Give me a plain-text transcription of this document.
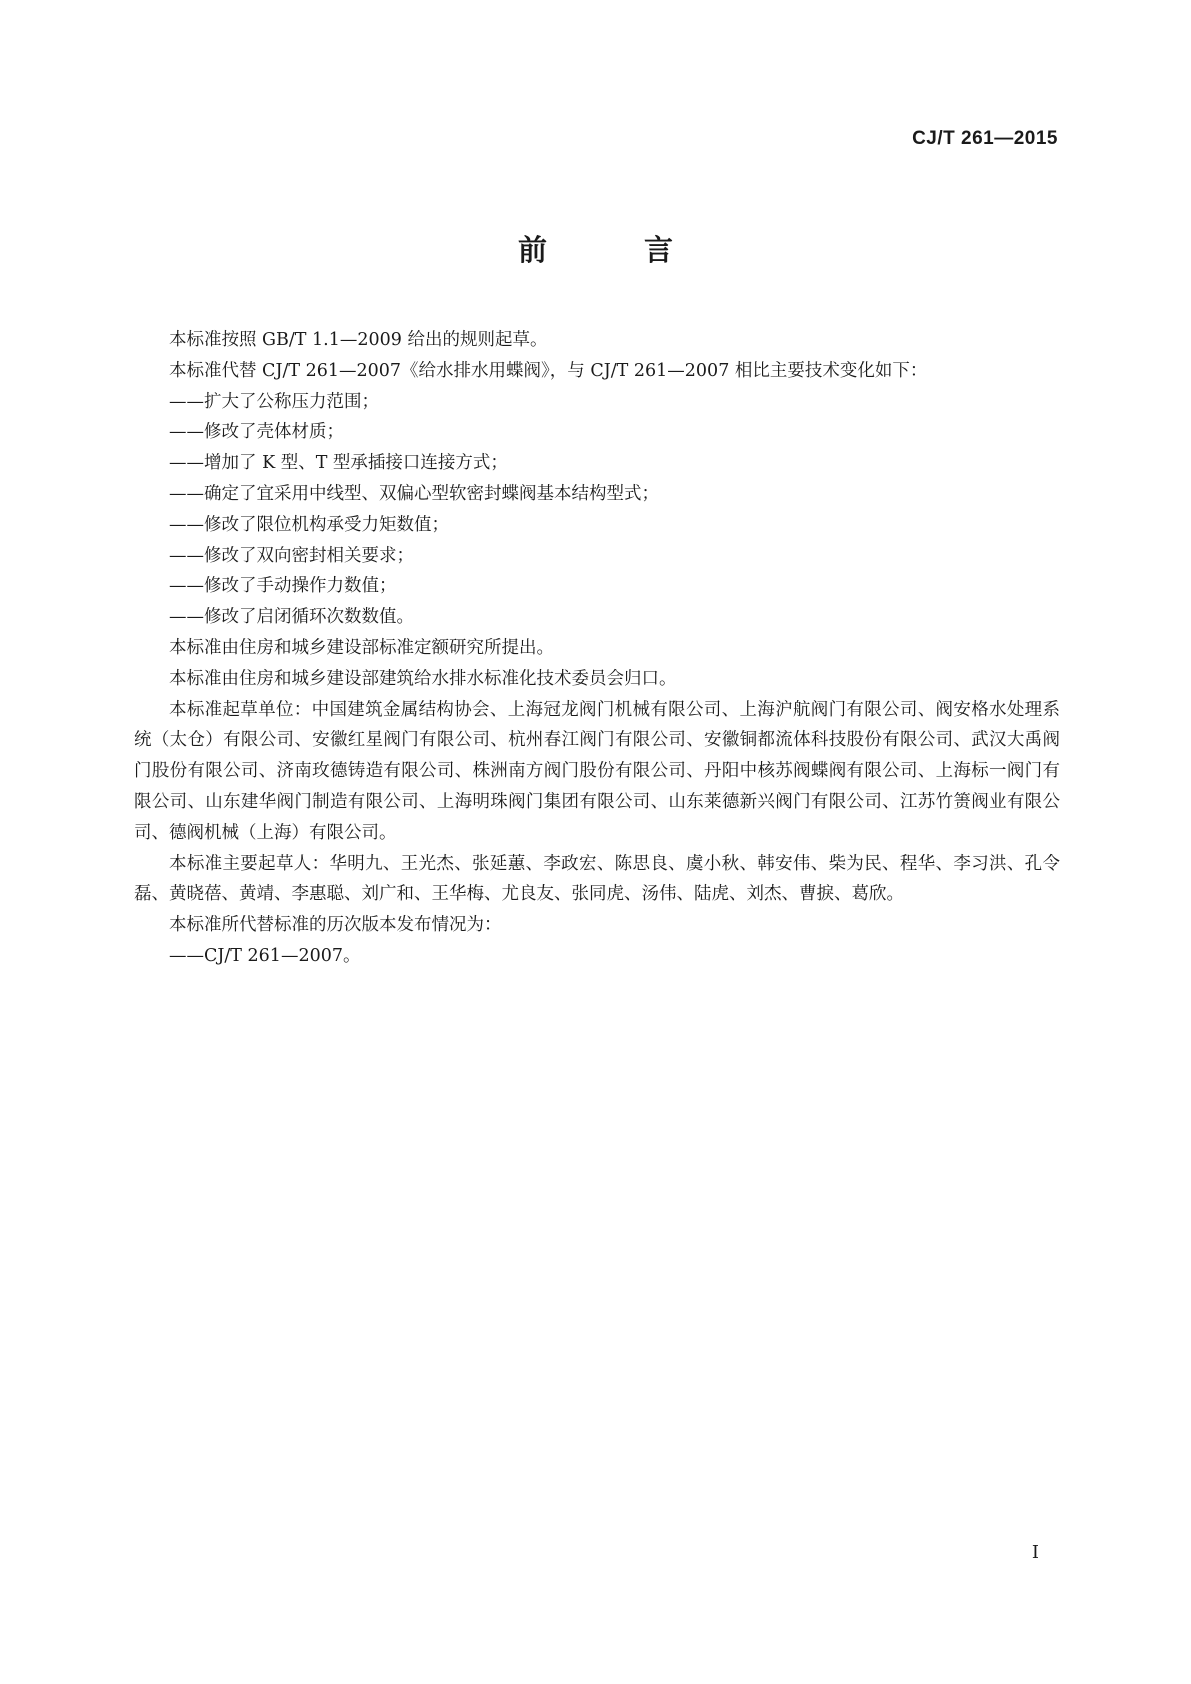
CJ/T 261—2015
前　言

本标准按照 GB/T 1.1—2009 给出的规则起草。

本标准代替 CJ/T 261—2007《给水排水用蝶阀》，与 CJ/T 261—2007 相比主要技术变化如下：

——扩大了公称压力范围；

——修改了壳体材质；

——增加了 K 型、T 型承插接口连接方式；

——确定了宜采用中线型、双偏心型软密封蝶阀基本结构型式；

——修改了限位机构承受力矩数值；

——修改了双向密封相关要求；

——修改了手动操作力数值；

——修改了启闭循环次数数值。

本标准由住房和城乡建设部标准定额研究所提出。

本标准由住房和城乡建设部建筑给水排水标准化技术委员会归口。

本标准起草单位：中国建筑金属结构协会、上海冠龙阀门机械有限公司、上海沪航阀门有限公司、阀安格水处理系统（太仓）有限公司、安徽红星阀门有限公司、杭州春江阀门有限公司、安徽铜都流体科技股份有限公司、武汉大禹阀门股份有限公司、济南玫德铸造有限公司、株洲南方阀门股份有限公司、丹阳中核苏阀蝶阀有限公司、上海标一阀门有限公司、山东建华阀门制造有限公司、上海明珠阀门集团有限公司、山东莱德新兴阀门有限公司、江苏竹箦阀业有限公司、德阀机械（上海）有限公司。

本标准主要起草人：华明九、王光杰、张延蕙、李政宏、陈思良、虞小秋、韩安伟、柴为民、程华、李习洪、孔令磊、黄晓蓓、黄靖、李惠聪、刘广和、王华梅、尤良友、张同虎、汤伟、陆虎、刘杰、曹捩、葛欣。

本标准所代替标准的历次版本发布情况为：

——CJ/T 261—2007。

I
